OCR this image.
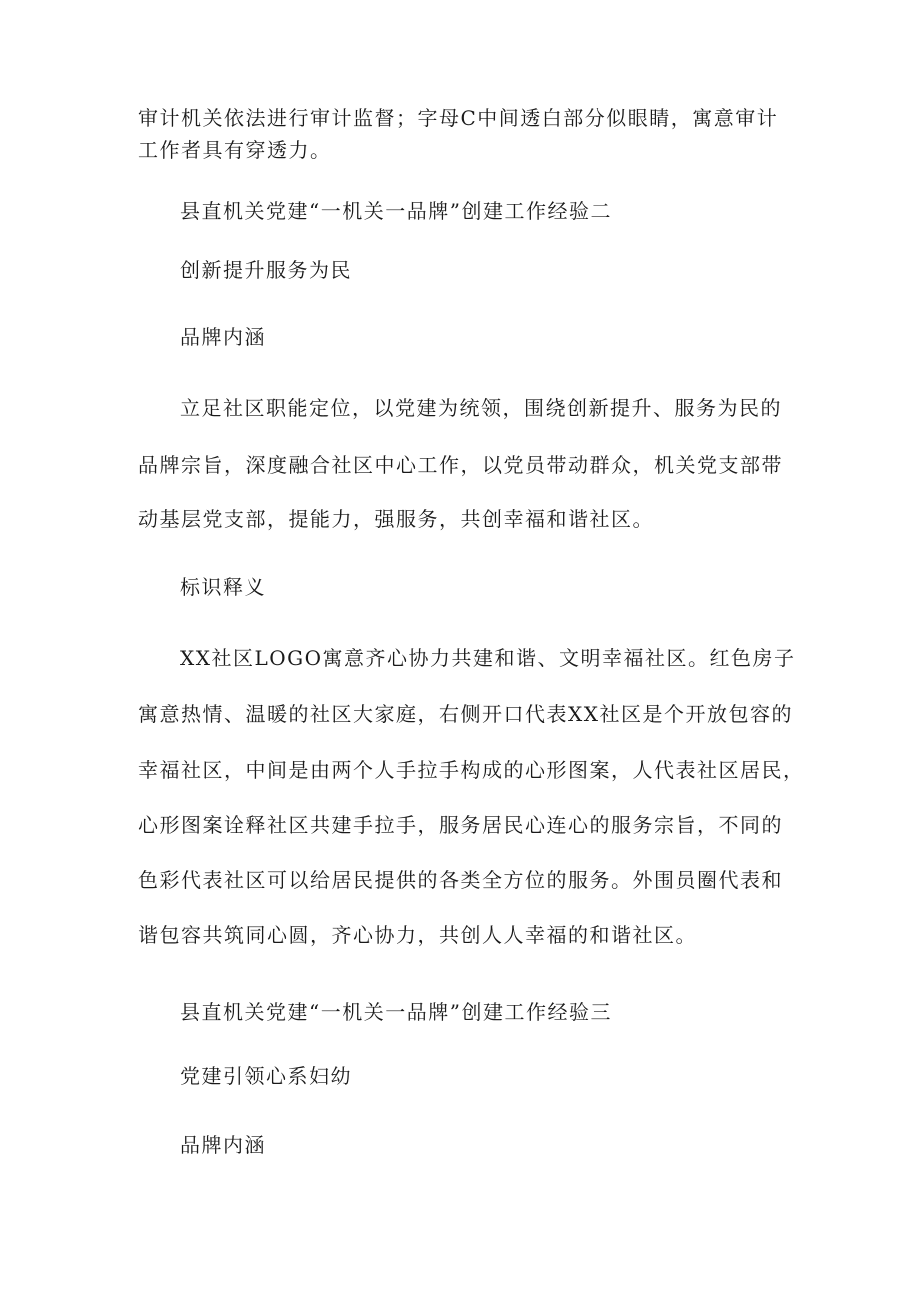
审计机关依法进行审计监督；字母C中间透白部分似眼睛，寓意审计

工作者具有穿透力。

县直机关党建“一机关一品牌”创建工作经验二

创新提升服务为民

品牌内涵

立足社区职能定位，以党建为统领，围绕创新提升、服务为民的

品牌宗旨，深度融合社区中心工作，以党员带动群众，机关党支部带

动基层党支部，提能力，强服务，共创幸福和谐社区。

标识释义

XX社区LOGO寓意齐心协力共建和谐、文明幸福社区。红色房子

寓意热情、温暖的社区大家庭，右侧开口代表XX社区是个开放包容的

幸福社区，中间是由两个人手拉手构成的心形图案，人代表社区居民，

心形图案诠释社区共建手拉手，服务居民心连心的服务宗旨，不同的

色彩代表社区可以给居民提供的各类全方位的服务。外围员圈代表和

谐包容共筑同心圆，齐心协力，共创人人幸福的和谐社区。

县直机关党建“一机关一品牌”创建工作经验三

党建引领心系妇幼

品牌内涵
